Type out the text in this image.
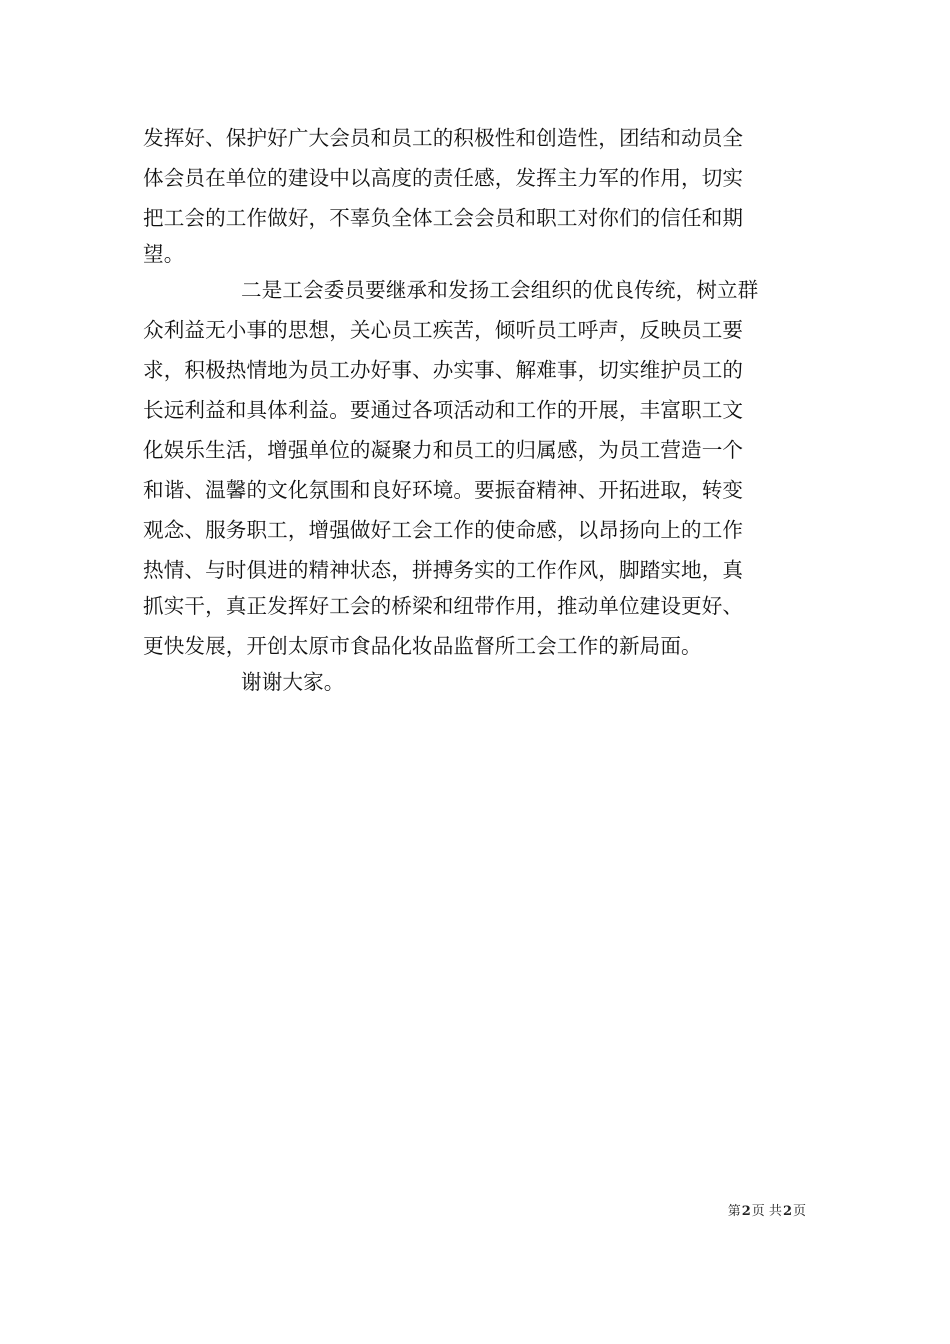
发挥好、保护好广大会员和员工的积极性和创造性，团结和动员全
体会员在单位的建设中以高度的责任感，发挥主力军的作用，切实
把工会的工作做好，不辜负全体工会会员和职工对你们的信任和期
望。
二是工会委员要继承和发扬工会组织的优良传统，树立群
众利益无小事的思想，关心员工疾苦，倾听员工呼声，反映员工要
求，积极热情地为员工办好事、办实事、解难事，切实维护员工的
长远利益和具体利益。要通过各项活动和工作的开展，丰富职工文
化娱乐生活，增强单位的凝聚力和员工的归属感，为员工营造一个
和谐、温馨的文化氛围和良好环境。要振奋精神、开拓进取，转变
观念、服务职工，增强做好工会工作的使命感，以昂扬向上的工作
热情、与时俱进的精神状态，拼搏务实的工作作风，脚踏实地，真
抓实干，真正发挥好工会的桥梁和纽带作用，推动单位建设更好、
更快发展，开创太原市食品化妆品监督所工会工作的新局面。
谢谢大家。
第2页 共2页
